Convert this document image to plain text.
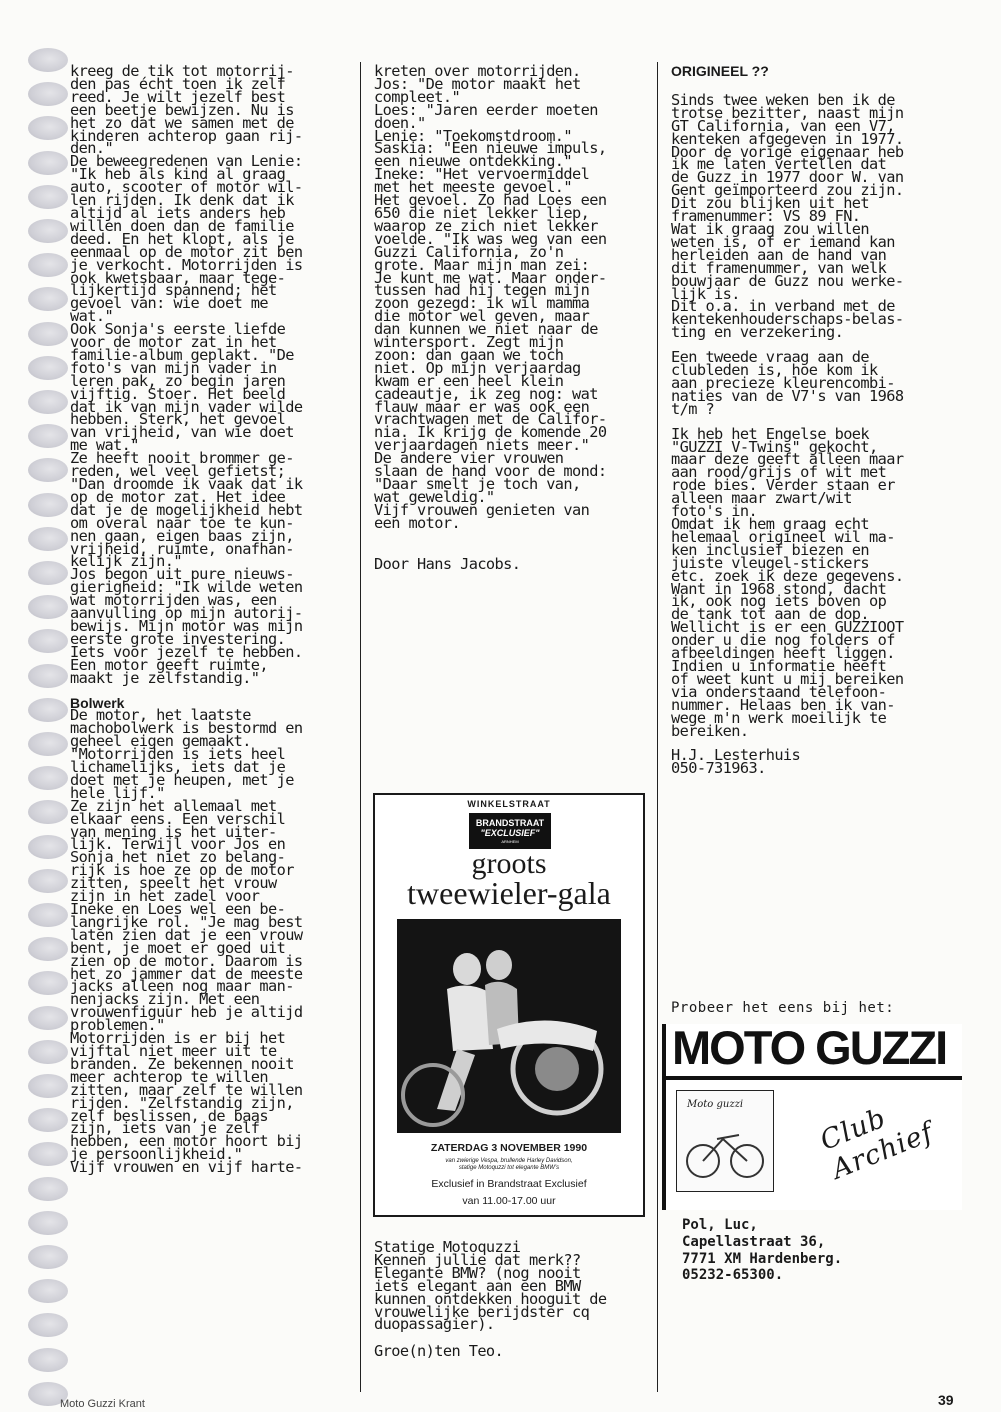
kreeg de tik tot motorrij-

den pas écht toen ik zelf

reed. Je wilt jezelf best

een beetje bewijzen. Nu is

het zo dat we samen met de

kinderen achterop gaan rij-

den."

De beweegredenen van Lenie:

"Ik heb als kind al graag

auto, scooter of motor wil-

len rijden. Ik denk dat ik

altijd al iets anders heb

willen doen dan de familie

deed. En het klopt, als je

eenmaal op de motor zit ben

je verkocht. Motorrijden is

ook kwetsbaar, maar tege-

lijkertijd spannend; het

gevoel van: wie doet me

wat."

Ook Sonja's eerste liefde

voor de motor zat in het

familie-album geplakt. "De

foto's van mijn vader in

leren pak, zo begin jaren

vijftig. Stoer. Het beeld

dat ik van mijn vader wilde

hebben. Sterk, het gevoel

van vrijheid, van wie doet

me wat."

Ze heeft nooit brommer ge-

reden, wel veel gefietst;

"Dan droomde ik vaak dat ik

op de motor zat. Het idee

dat je de mogelijkheid hebt

om overal naar toe te kun-

nen gaan, eigen baas zijn,

vrijheid, ruimte, onafhan-

kelijk zijn."

Jos begon uit pure nieuws-

gierigheid: "Ik wilde weten

wat motorrijden was, een

aanvulling op mijn autorij-

bewijs. Mijn motor was mijn

eerste grote investering.

Iets voor jezelf te hebben.

Een motor geeft ruimte,

maakt je zelfstandig."

Bolwerk

De motor, het laatste

machobolwerk is bestormd en

geheel eigen gemaakt.

"Motorrijden is iets heel

lichamelijks, iets dat je

doet met je heupen, met je

hele lijf."

Ze zijn het allemaal met

elkaar eens. Een verschil

van mening is het uiter-

lijk. Terwijl voor Jos en

Sonja het niet zo belang-

rijk is hoe ze op de motor

zitten, speelt het vrouw

zijn in het zadel voor

Ineke en Loes wel een be-

langrijke rol. "Je mag best

laten zien dat je een vrouw

bent, je moet er goed uit

zien op de motor. Daarom is

het zo jammer dat de meeste

jacks alleen nog maar man-

nenjacks zijn. Met een

vrouwenfiguur heb je altijd

problemen."

Motorrijden is er bij het

vijftal niet meer uit te

branden. Ze bekennen nooit

meer achterop te willen

zitten, maar zelf te willen

rijden. "Zelfstandig zijn,

zelf beslissen, de baas

zijn, iets van je zelf

hebben, een motor hoort bij

je persoonlijkheid."

Vijf vrouwen en vijf harte-

kreten over motorrijden.

Jos: "De motor maakt het

compleet."

Loes: "Jaren eerder moeten

doen."

Lenie: "Toekomstdroom."

Saskia: "Een nieuwe impuls,

een nieuwe ontdekking."

Ineke: "Het vervoermiddel

met het meeste gevoel."

Het gevoel. Zo had Loes een

650 die niet lekker liep,

waarop ze zich niet lekker

voelde. "Ik was weg van een

Guzzi California, zo'n

grote. Maar mijn man zei:

Je kunt me wat. Maar onder-

tussen had hij tegen mijn

zoon gezegd: ik wil mamma

die motor wel geven, maar

dan kunnen we niet naar de

wintersport. Zegt mijn

zoon: dan gaan we toch

niet. Op mijn verjaardag

kwam er een heel klein

cadeautje, ik zeg nog: wat

flauw maar er was ook een

vrachtwagen met de Califor-

nia. Ik krijg de komende 20

verjaardagen niets meer."

De andere vier vrouwen

slaan de hand voor de mond:

"Daar smelt je toch van,

wat geweldig."

Vijf vrouwen genieten van

een motor.

Door Hans Jacobs.

WINKELSTRAAT
BRANDSTRAAT
"EXCLUSIEF"
ARNHEM
groots
tweewieler-gala
ZATERDAG 3 NOVEMBER 1990
van zwierige Vespa, brullende Harley Davidson,
statige Motoquzzi tot elegante BMW's
Exclusief in Brandstraat Exclusief
van 11.00-17.00 uur

Statige Motoquzzi

Kennen jullie dat merk??

Elegante BMW? (nog nooit

iets elegant aan een BMW

kunnen ontdekken hooguit de

vrouwelijke berijdster cq

duopassagier).

Groe(n)ten Teo.

ORIGINEEL ??

Sinds twee weken ben ik de

trotse bezitter, naast mijn

GT California, van een V7,

kenteken afgegeven in 1977.

Door de vorige eigenaar heb

ik me laten vertellen dat

de Guzz in 1977 door W. van

Gent geïmporteerd zou zijn.

Dit zou blijken uit het

framenummer: VS 89 FN.

Wat ik graag zou willen

weten is, of er iemand kan

herleiden aan de hand van

dit framenummer, van welk

bouwjaar de Guzz nou werke-

lijk is.

Dit o.a. in verband met de

kentekenhouderschaps-belas-

ting en verzekering.

Een tweede vraag aan de

clubleden is, hoe kom ik

aan precieze kleurencombi-

naties van de V7's van 1968

t/m ?

Ik heb het Engelse boek

"GUZZI V-Twins" gekocht,

maar deze geeft alleen maar

aan rood/grijs of wit met

rode bies. Verder staan er

alleen maar zwart/wit

foto's in.

Omdat ik hem graag echt

helemaal origineel wil ma-

ken inclusief biezen en

juiste vleugel-stickers

etc. zoek ik deze gegevens.

Want in 1968 stond, dacht

ik, ook nog iets boven op

de tank tot aan de dop.

Wellicht is er een GUZZIOOT

onder u die nog folders of

afbeeldingen heeft liggen.

Indien u informatie heeft

of weet kunt u mij bereiken

via onderstaand telefoon-

nummer. Helaas ben ik van-

wege m'n werk moeilijk te

bereiken.

H.J. Lesterhuis

050-731963.

Probeer het eens bij het:
MOTO GUZZI
Moto guzzi	Club Archief

Pol, Luc,

Capellastraat 36,

7771 XM Hardenberg.

05232-65300.

Moto Guzzi Krant	39
